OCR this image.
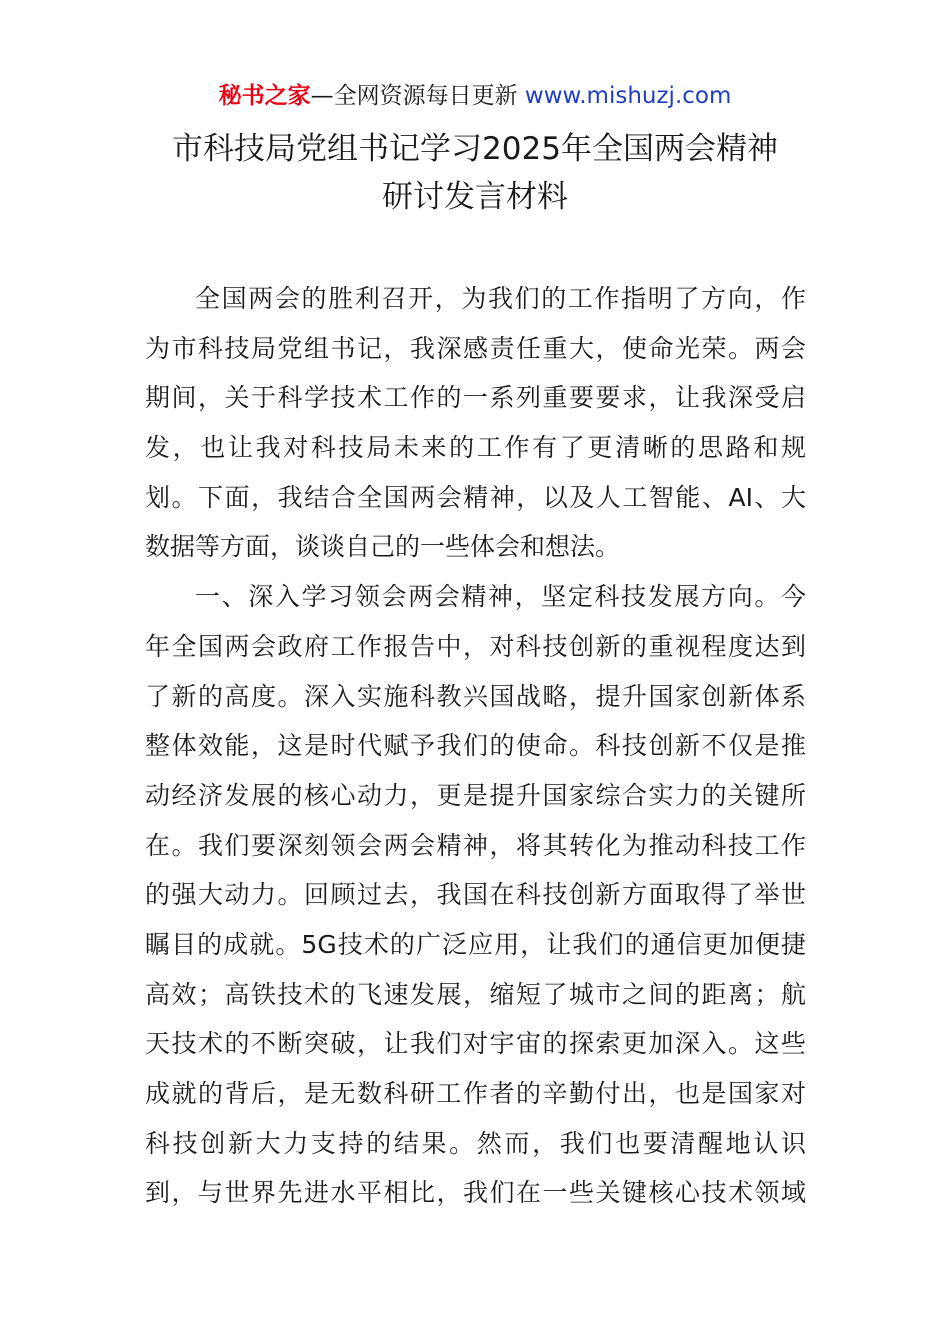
秘书之家—全网资源每日更新 www.mishuzj.com
市科技局党组书记学习2025年全国两会精神
研讨发言材料
全国两会的胜利召开，为我们的工作指明了方向，作
为市科技局党组书记，我深感责任重大，使命光荣。两会
期间，关于科学技术工作的一系列重要要求，让我深受启
发，也让我对科技局未来的工作有了更清晰的思路和规
划。下面，我结合全国两会精神，以及人工智能、AI、大
数据等方面，谈谈自己的一些体会和想法。
一、深入学习领会两会精神，坚定科技发展方向。今
年全国两会政府工作报告中，对科技创新的重视程度达到
了新的高度。深入实施科教兴国战略，提升国家创新体系
整体效能，这是时代赋予我们的使命。科技创新不仅是推
动经济发展的核心动力，更是提升国家综合实力的关键所
在。我们要深刻领会两会精神，将其转化为推动科技工作
的强大动力。回顾过去，我国在科技创新方面取得了举世
瞩目的成就。5G技术的广泛应用，让我们的通信更加便捷
高效；高铁技术的飞速发展，缩短了城市之间的距离；航
天技术的不断突破，让我们对宇宙的探索更加深入。这些
成就的背后，是无数科研工作者的辛勤付出，也是国家对
科技创新大力支持的结果。然而，我们也要清醒地认识
到，与世界先进水平相比，我们在一些关键核心技术领域
